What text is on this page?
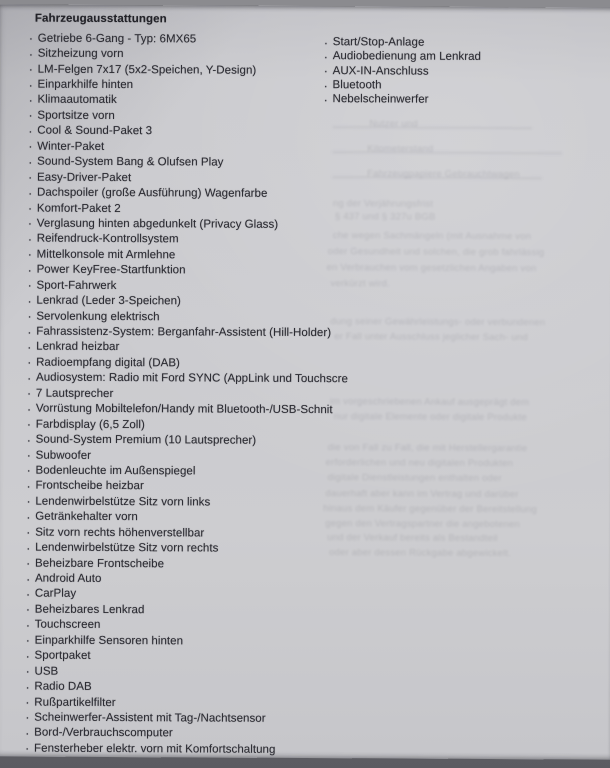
Nutzer und
Kilometerstand
Fahrzeugpapiere Gebrauchtwagen
ng der Verjährungsfrist
§ 437 und § 327u BGB
che wegen Sachmängeln (mit Ausnahme von
oder Gesundheit und solchen, die grob fahrlässig
en Verbrauchen vom gesetzlichen Angaben von
verkürzt wird.
dung seiner Gewährleistungs- oder verbundenen
er Fall unter Ausschluss jeglicher Sach- und
im vorgeschriebenen Ankauf ausgeprägt dem
nur digitale Elemente oder digitale Produkte
die von Fall zu Fall, die mit Herstellergarantie
erforderlichen und neu digitalen Produkten
digitale Dienstleistungen enthalten oder
dauerhaft aber kann im Vertrag und darüber
hinaus dem Käufer gegenüber der Bereitstellung
gegen den Vertragspartner die angebotenen
und der Verkauf bereits als Bestandteil
oder aber dessen Rückgabe abgewickelt.
Fahrzeugausstattungen
· Getriebe 6-Gang - Typ: 6MX65
· Sitzheizung vorn
· LM-Felgen 7x17 (5x2-Speichen, Y-Design)
· Einparkhilfe hinten
· Klimaautomatik
· Sportsitze vorn
· Cool & Sound-Paket 3
· Winter-Paket
· Sound-System Bang & Olufsen Play
· Easy-Driver-Paket
· Dachspoiler (große Ausführung) Wagenfarbe
· Komfort-Paket 2
· Verglasung hinten abgedunkelt (Privacy Glass)
· Reifendruck-Kontrollsystem
· Mittelkonsole mit Armlehne
· Power KeyFree-Startfunktion
· Sport-Fahrwerk
· Lenkrad (Leder 3-Speichen)
· Servolenkung elektrisch
· Fahrassistenz-System: Berganfahr-Assistent (Hill-Holder)
· Lenkrad heizbar
· Radioempfang digital (DAB)
· Audiosystem: Radio mit Ford SYNC (AppLink und Touchscre
· 7 Lautsprecher
· Vorrüstung Mobiltelefon/Handy mit Bluetooth-/USB-Schnit
· Farbdisplay (6,5 Zoll)
· Sound-System Premium (10 Lautsprecher)
· Subwoofer
· Bodenleuchte im Außenspiegel
· Frontscheibe heizbar
· Lendenwirbelstütze Sitz vorn links
· Getränkehalter vorn
· Sitz vorn rechts höhenverstellbar
· Lendenwirbelstütze Sitz vorn rechts
· Beheizbare Frontscheibe
· Android Auto
· CarPlay
· Beheizbares Lenkrad
· Touchscreen
· Einparkhilfe Sensoren hinten
· Sportpaket
· USB
· Radio DAB
· Rußpartikelfilter
· Scheinwerfer-Assistent mit Tag-/Nachtsensor
· Bord-/Verbrauchscomputer
· Fensterheber elektr. vorn mit Komfortschaltung
· Start/Stop-Anlage
· Audiobedienung am Lenkrad
· AUX-IN-Anschluss
· Bluetooth
· Nebelscheinwerfer
